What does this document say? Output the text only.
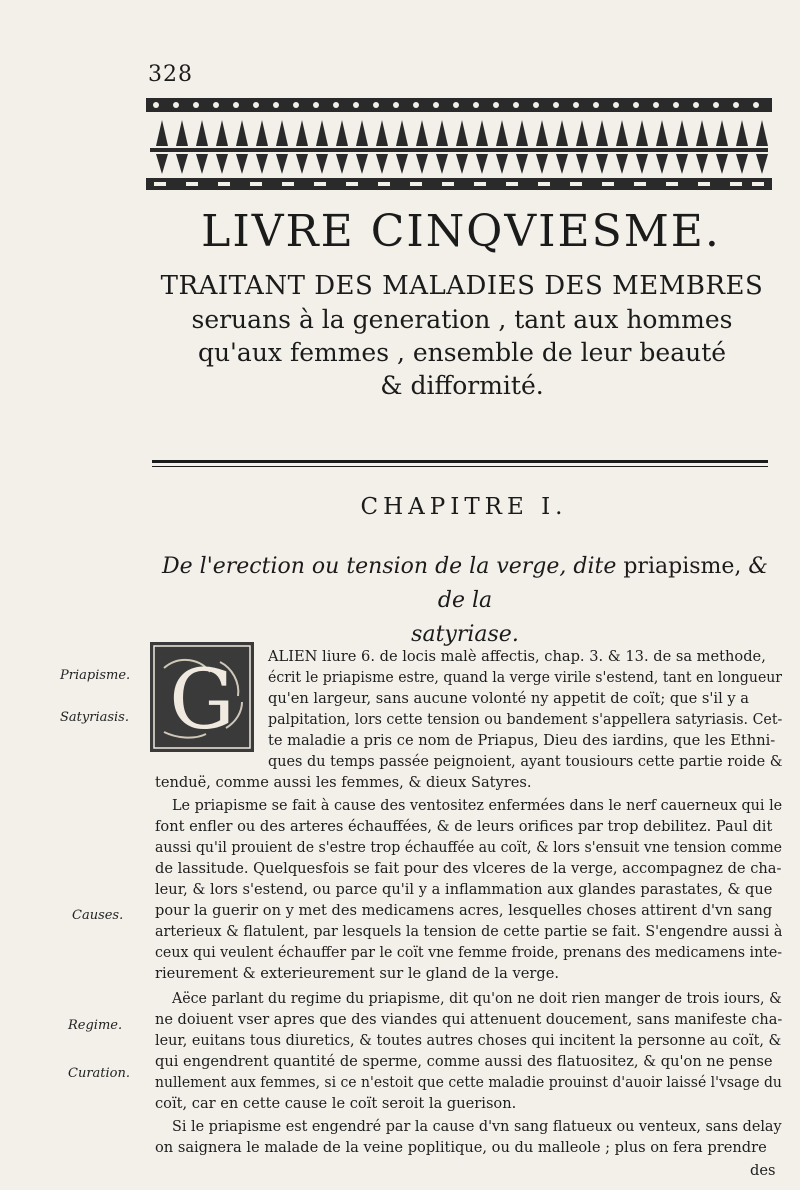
328
LIVRE CINQVIESME.
TRAITANT DES MALADIES DES MEMBRES
seruans à la generation , tant aux hommes
qu'aux femmes , ensemble de leur beauté
& difformité.
CHAPITRE I.
De l'erection ou tension de la verge, dite priapisme, & de la
satyriase.
Priapisme.
Satyriasis.
Causes.
Regime.
Curation.
G ALIEN liure 6. de locis malè affectis, chap. 3. & 13. de sa methode,
écrit le priapisme estre, quand la verge virile s'estend, tant en longueur
qu'en largeur, sans aucune volonté ny appetit de coït; que s'il y a
palpitation, lors cette tension ou bandement s'appellera satyriasis. Cet-
te maladie a pris ce nom de Priapus, Dieu des iardins, que les Ethni-
ques du temps passée peignoient, ayant tousiours cette partie roide &
tenduë, comme aussi les femmes, & dieux Satyres.
Le priapisme se fait à cause des ventositez enfermées dans le nerf cauerneux qui le
font enfler ou des arteres échauffées, & de leurs orifices par trop debilitez. Paul dit
aussi qu'il prouient de s'estre trop échauffée au coït, & lors s'ensuit vne tension comme
de lassitude. Quelquesfois se fait pour des vlceres de la verge, accompagnez de cha-
leur, & lors s'estend, ou parce qu'il y a inflammation aux glandes parastates, & que
pour la guerir on y met des medicamens acres, lesquelles choses attirent d'vn sang
arterieux & flatulent, par lesquels la tension de cette partie se fait. S'engendre aussi à
ceux qui veulent échauffer par le coït vne femme froide, prenans des medicamens inte-
rieurement & exterieurement sur le gland de la verge.
Aëce parlant du regime du priapisme, dit qu'on ne doit rien manger de trois iours, &
ne doiuent vser apres que des viandes qui attenuent doucement, sans manifeste cha-
leur, euitans tous diuretics, & toutes autres choses qui incitent la personne au coït, &
qui engendrent quantité de sperme, comme aussi des flatuositez, & qu'on ne pense
nullement aux femmes, si ce n'estoit que cette maladie prouinst d'auoir laissé l'vsage du
coït, car en cette cause le coït seroit la guerison.
Si le priapisme est engendré par la cause d'vn sang flatueux ou venteux, sans delay
on saignera le malade de la veine poplitique, ou du malleole ; plus on fera prendre
des
